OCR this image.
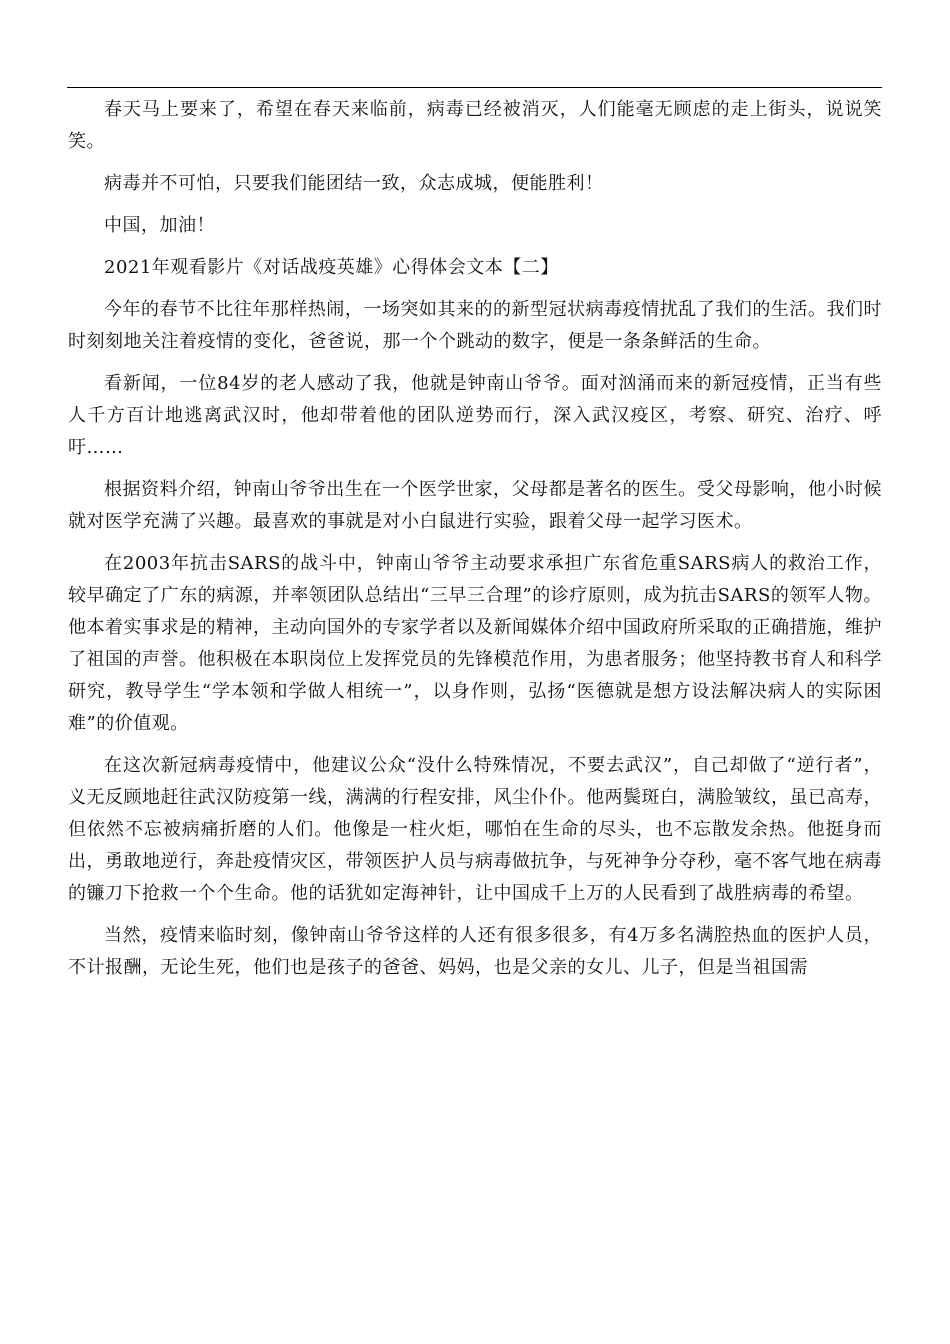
春天马上要来了，希望在春天来临前，病毒已经被消灭，人们能毫无顾虑的走上街头，说说笑笑。

病毒并不可怕，只要我们能团结一致，众志成城，便能胜利！

中国，加油！

2021年观看影片《对话战疫英雄》心得体会文本【二】

今年的春节不比往年那样热闹，一场突如其来的的新型冠状病毒疫情扰乱了我们的生活。我们时时刻刻地关注着疫情的变化，爸爸说，那一个个跳动的数字，便是一条条鲜活的生命。

看新闻，一位84岁的老人感动了我，他就是钟南山爷爷。面对汹涌而来的新冠疫情，正当有些人千方百计地逃离武汉时，他却带着他的团队逆势而行，深入武汉疫区，考察、研究、治疗、呼吁……

根据资料介绍，钟南山爷爷出生在一个医学世家，父母都是著名的医生。受父母影响，他小时候就对医学充满了兴趣。最喜欢的事就是对小白鼠进行实验，跟着父母一起学习医术。

在2003年抗击SARS的战斗中，钟南山爷爷主动要求承担广东省危重SARS病人的救治工作，较早确定了广东的病源，并率领团队总结出“三早三合理”的诊疗原则，成为抗击SARS的领军人物。他本着实事求是的精神，主动向国外的专家学者以及新闻媒体介绍中国政府所采取的正确措施，维护了祖国的声誉。他积极在本职岗位上发挥党员的先锋模范作用，为患者服务；他坚持教书育人和科学研究，教导学生“学本领和学做人相统一”，以身作则，弘扬“医德就是想方设法解决病人的实际困难”的价值观。

在这次新冠病毒疫情中，他建议公众“没什么特殊情况，不要去武汉”，自己却做了“逆行者”，义无反顾地赶往武汉防疫第一线，满满的行程安排，风尘仆仆。他两鬓斑白，满脸皱纹，虽已高寿，但依然不忘被病痛折磨的人们。他像是一柱火炬，哪怕在生命的尽头，也不忘散发余热。他挺身而出，勇敢地逆行，奔赴疫情灾区，带领医护人员与病毒做抗争，与死神争分夺秒，毫不客气地在病毒的镰刀下抢救一个个生命。他的话犹如定海神针，让中国成千上万的人民看到了战胜病毒的希望。

当然，疫情来临时刻，像钟南山爷爷这样的人还有很多很多，有4万多名满腔热血的医护人员，不计报酬，无论生死，他们也是孩子的爸爸、妈妈，也是父亲的女儿、儿子，但是当祖国需
